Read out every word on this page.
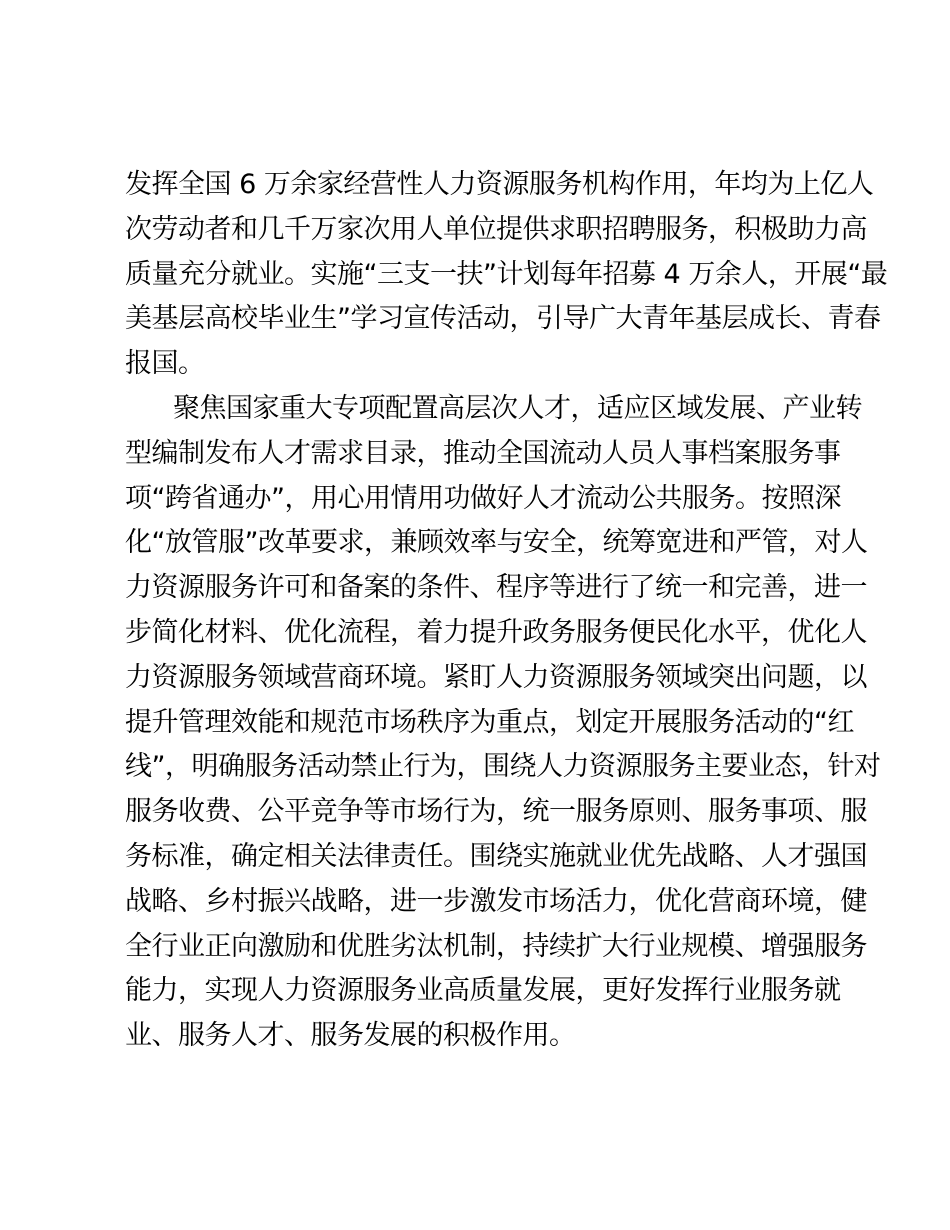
发挥全国 6 万余家经营性人力资源服务机构作用，年均为上亿人
次劳动者和几千万家次用人单位提供求职招聘服务，积极助力高
质量充分就业。实施“三支一扶”计划每年招募 4 万余人，开展“最
美基层高校毕业生”学习宣传活动，引导广大青年基层成长、青春
报国。
聚焦国家重大专项配置高层次人才，适应区域发展、产业转
型编制发布人才需求目录，推动全国流动人员人事档案服务事
项“跨省通办”，用心用情用功做好人才流动公共服务。按照深
化“放管服”改革要求，兼顾效率与安全，统筹宽进和严管，对人
力资源服务许可和备案的条件、程序等进行了统一和完善，进一
步简化材料、优化流程，着力提升政务服务便民化水平，优化人
力资源服务领域营商环境。紧盯人力资源服务领域突出问题，以
提升管理效能和规范市场秩序为重点，划定开展服务活动的“红
线”，明确服务活动禁止行为，围绕人力资源服务主要业态，针对
服务收费、公平竞争等市场行为，统一服务原则、服务事项、服
务标准，确定相关法律责任。围绕实施就业优先战略、人才强国
战略、乡村振兴战略，进一步激发市场活力，优化营商环境，健
全行业正向激励和优胜劣汰机制，持续扩大行业规模、增强服务
能力，实现人力资源服务业高质量发展，更好发挥行业服务就
业、服务人才、服务发展的积极作用。
